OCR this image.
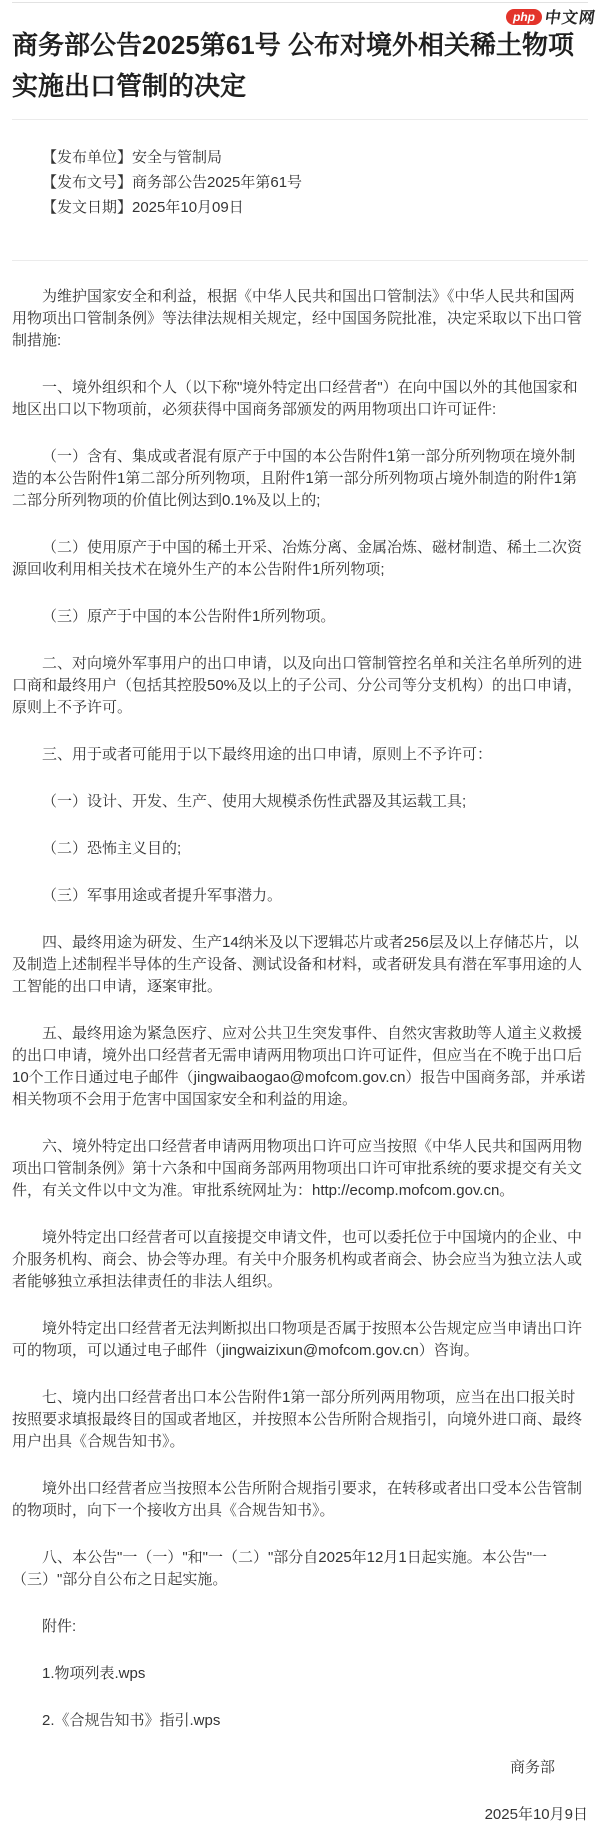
php 中文网
商务部公告2025第61号 公布对境外相关稀土物项实施出口管制的决定

【发布单位】安全与管制局

【发布文号】商务部公告2025年第61号

【发文日期】2025年10月09日

为维护国家安全和利益，根据《中华人民共和国出口管制法》《中华人民共和国两用物项出口管制条例》等法律法规相关规定，经中国国务院批准，决定采取以下出口管制措施:

一、境外组织和个人（以下称"境外特定出口经营者"）在向中国以外的其他国家和地区出口以下物项前，必须获得中国商务部颁发的两用物项出口许可证件:

（一）含有、集成或者混有原产于中国的本公告附件1第一部分所列物项在境外制造的本公告附件1第二部分所列物项，且附件1第一部分所列物项占境外制造的附件1第二部分所列物项的价值比例达到0.1%及以上的;

（二）使用原产于中国的稀土开采、冶炼分离、金属冶炼、磁材制造、稀土二次资源回收利用相关技术在境外生产的本公告附件1所列物项;

（三）原产于中国的本公告附件1所列物项。

二、对向境外军事用户的出口申请，以及向出口管制管控名单和关注名单所列的进口商和最终用户（包括其控股50%及以上的子公司、分公司等分支机构）的出口申请，原则上不予许可。

三、用于或者可能用于以下最终用途的出口申请，原则上不予许可：

（一）设计、开发、生产、使用大规模杀伤性武器及其运载工具;

（二）恐怖主义目的;

（三）军事用途或者提升军事潜力。

四、最终用途为研发、生产14纳米及以下逻辑芯片或者256层及以上存储芯片，以及制造上述制程半导体的生产设备、测试设备和材料，或者研发具有潜在军事用途的人工智能的出口申请，逐案审批。

五、最终用途为紧急医疗、应对公共卫生突发事件、自然灾害救助等人道主义救援的出口申请，境外出口经营者无需申请两用物项出口许可证件，但应当在不晚于出口后10个工作日通过电子邮件（jingwaibaogao@mofcom.gov.cn）报告中国商务部，并承诺相关物项不会用于危害中国国家安全和利益的用途。

六、境外特定出口经营者申请两用物项出口许可应当按照《中华人民共和国两用物项出口管制条例》第十六条和中国商务部两用物项出口许可审批系统的要求提交有关文件，有关文件以中文为准。审批系统网址为：http://ecomp.mofcom.gov.cn。

境外特定出口经营者可以直接提交申请文件，也可以委托位于中国境内的企业、中介服务机构、商会、协会等办理。有关中介服务机构或者商会、协会应当为独立法人或者能够独立承担法律责任的非法人组织。

境外特定出口经营者无法判断拟出口物项是否属于按照本公告规定应当申请出口许可的物项，可以通过电子邮件（jingwaizixun@mofcom.gov.cn）咨询。

七、境内出口经营者出口本公告附件1第一部分所列两用物项，应当在出口报关时按照要求填报最终目的国或者地区，并按照本公告所附合规指引，向境外进口商、最终用户出具《合规告知书》。

境外出口经营者应当按照本公告所附合规指引要求，在转移或者出口受本公告管制的物项时，向下一个接收方出具《合规告知书》。

八、本公告"一（一）"和"一（二）"部分自2025年12月1日起实施。本公告"一（三）"部分自公布之日起实施。

附件:

1.物项列表.wps

2.《合规告知书》指引.wps

商务部

2025年10月9日
